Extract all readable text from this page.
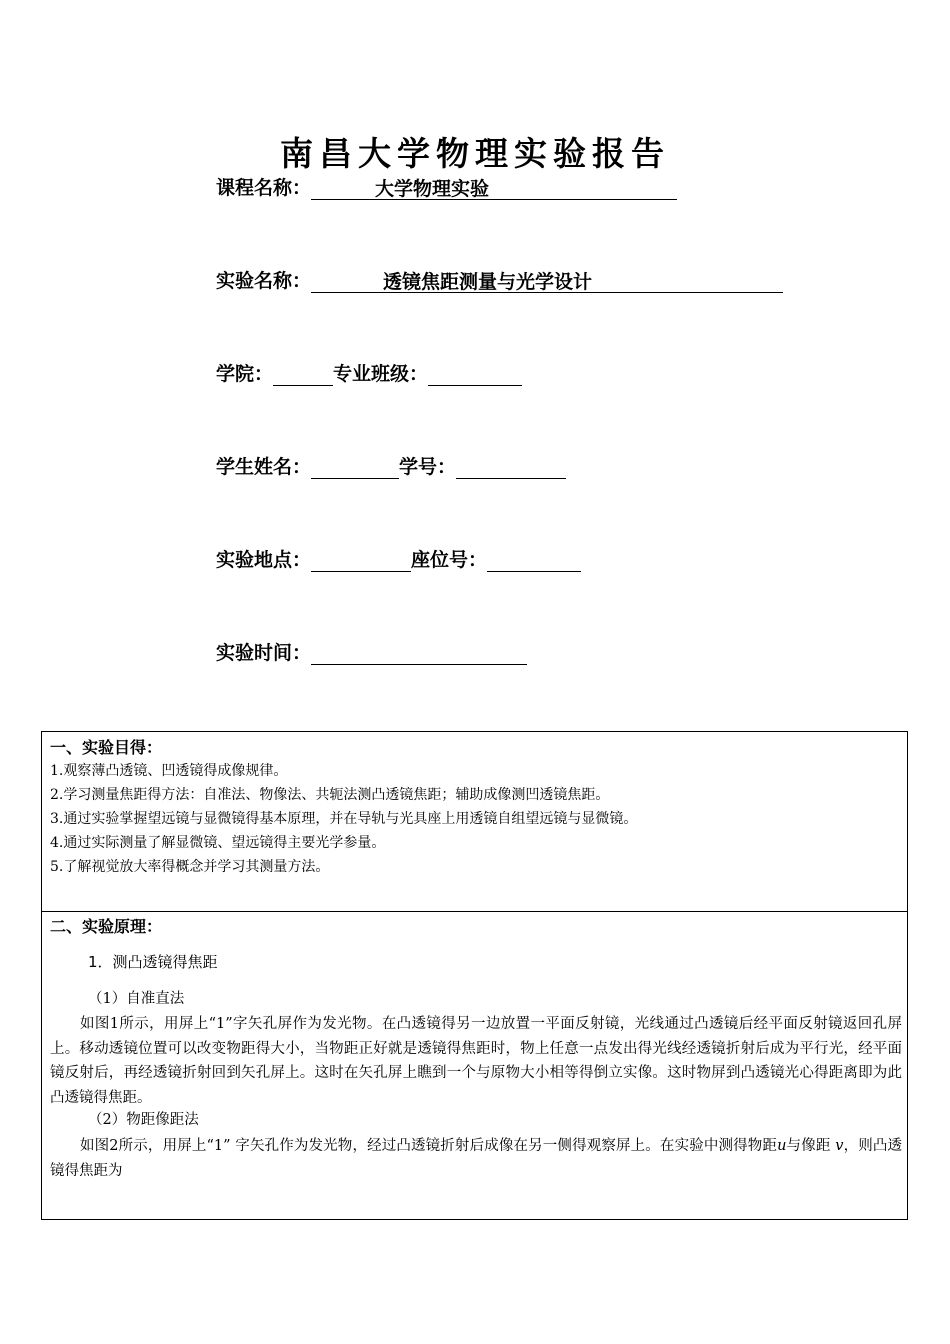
南昌大学物理实验报告
课程名称：	大学物理实验
实验名称：	透镜焦距测量与光学设计
学院：	专业班级：
学生姓名：	学号：
实验地点：	座位号：
实验时间：
一、实验目得：
1.观察薄凸透镜、凹透镜得成像规律。
2.学习测量焦距得方法：自准法、物像法、共轭法测凸透镜焦距；辅助成像测凹透镜焦距。
3.通过实验掌握望远镜与显微镜得基本原理，并在导轨与光具座上用透镜自组望远镜与显微镜。
4.通过实际测量了解显微镜、望远镜得主要光学参量。
5.了解视觉放大率得概念并学习其测量方法。
二、实验原理：
1．测凸透镜得焦距
（1）自准直法
如图1所示，用屏上“1”字矢孔屏作为发光物。在凸透镜得另一边放置一平面反射镜，光线通过凸透镜后经平面反射镜返回孔屏上。移动透镜位置可以改变物距得大小，当物距正好就是透镜得焦距时，物上任意一点发出得光线经透镜折射后成为平行光，经平面镜反射后，再经透镜折射回到矢孔屏上。这时在矢孔屏上瞧到一个与原物大小相等得倒立实像。这时物屏到凸透镜光心得距离即为此凸透镜得焦距。
（2）物距像距法
如图2所示，用屏上“1” 字矢孔作为发光物，经过凸透镜折射后成像在另一侧得观察屏上。在实验中测得物距u与像距 v，则凸透镜得焦距为
